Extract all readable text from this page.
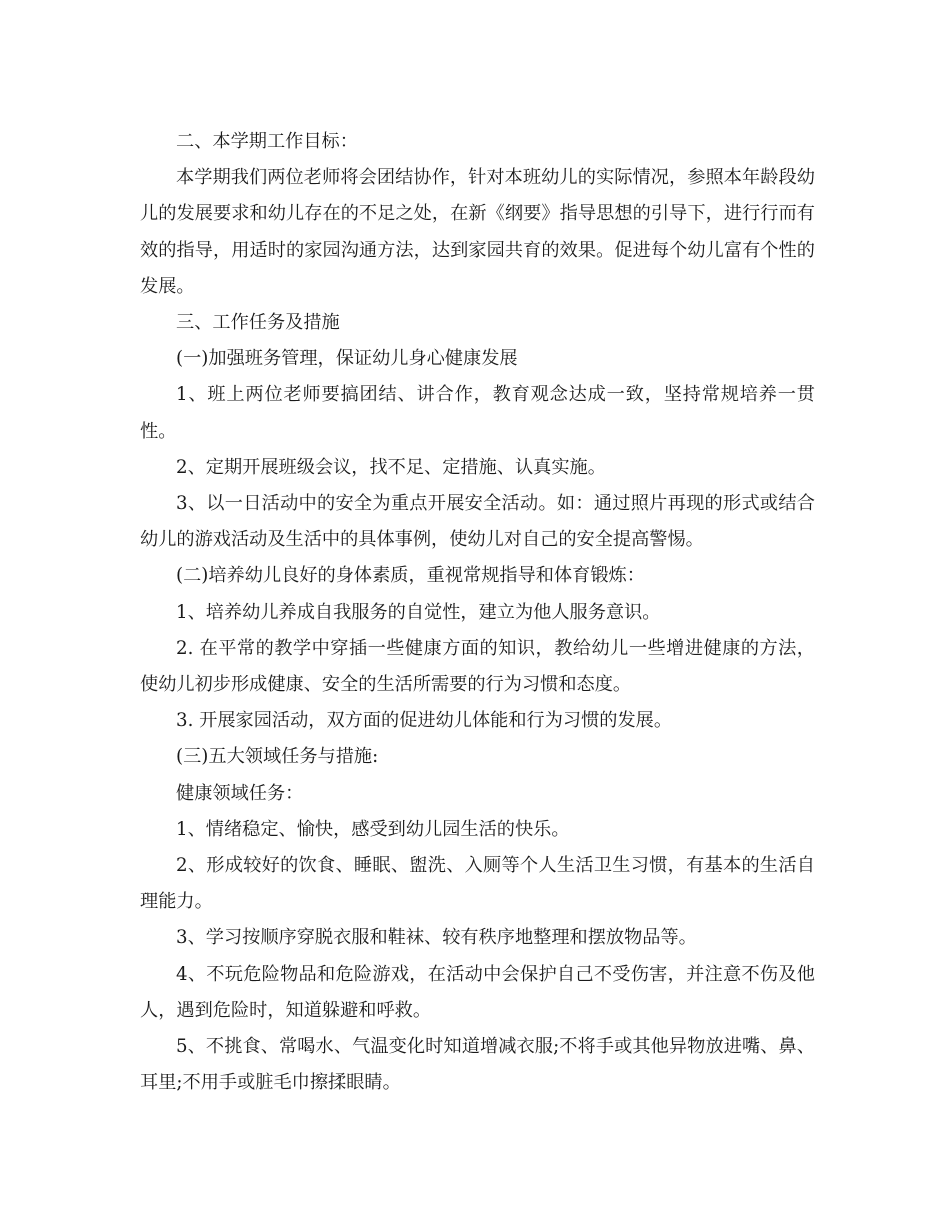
二、本学期工作目标：

本学期我们两位老师将会团结协作，针对本班幼儿的实际情况，参照本年龄段幼儿的发展要求和幼儿存在的不足之处，在新《纲要》指导思想的引导下，进行行而有效的指导，用适时的家园沟通方法，达到家园共育的效果。促进每个幼儿富有个性的发展。

三、工作任务及措施

(一)加强班务管理，保证幼儿身心健康发展

1、班上两位老师要搞团结、讲合作，教育观念达成一致，坚持常规培养一贯性。

2、定期开展班级会议，找不足、定措施、认真实施。

3、以一日活动中的安全为重点开展安全活动。如：通过照片再现的形式或结合幼儿的游戏活动及生活中的具体事例，使幼儿对自己的安全提高警惕。

(二)培养幼儿良好的身体素质，重视常规指导和体育锻炼：

1、培养幼儿养成自我服务的自觉性，建立为他人服务意识。

2. 在平常的教学中穿插一些健康方面的知识，教给幼儿一些增进健康的方法，使幼儿初步形成健康、安全的生活所需要的行为习惯和态度。

3. 开展家园活动，双方面的促进幼儿体能和行为习惯的发展。

(三)五大领域任务与措施:

健康领域任务：

1、情绪稳定、愉快，感受到幼儿园生活的快乐。

2、形成较好的饮食、睡眠、盥洗、入厕等个人生活卫生习惯，有基本的生活自理能力。

3、学习按顺序穿脱衣服和鞋袜、较有秩序地整理和摆放物品等。

4、不玩危险物品和危险游戏，在活动中会保护自己不受伤害，并注意不伤及他人，遇到危险时，知道躲避和呼救。

5、不挑食、常喝水、气温变化时知道增减衣服;不将手或其他异物放进嘴、鼻、耳里;不用手或脏毛巾擦揉眼睛。
